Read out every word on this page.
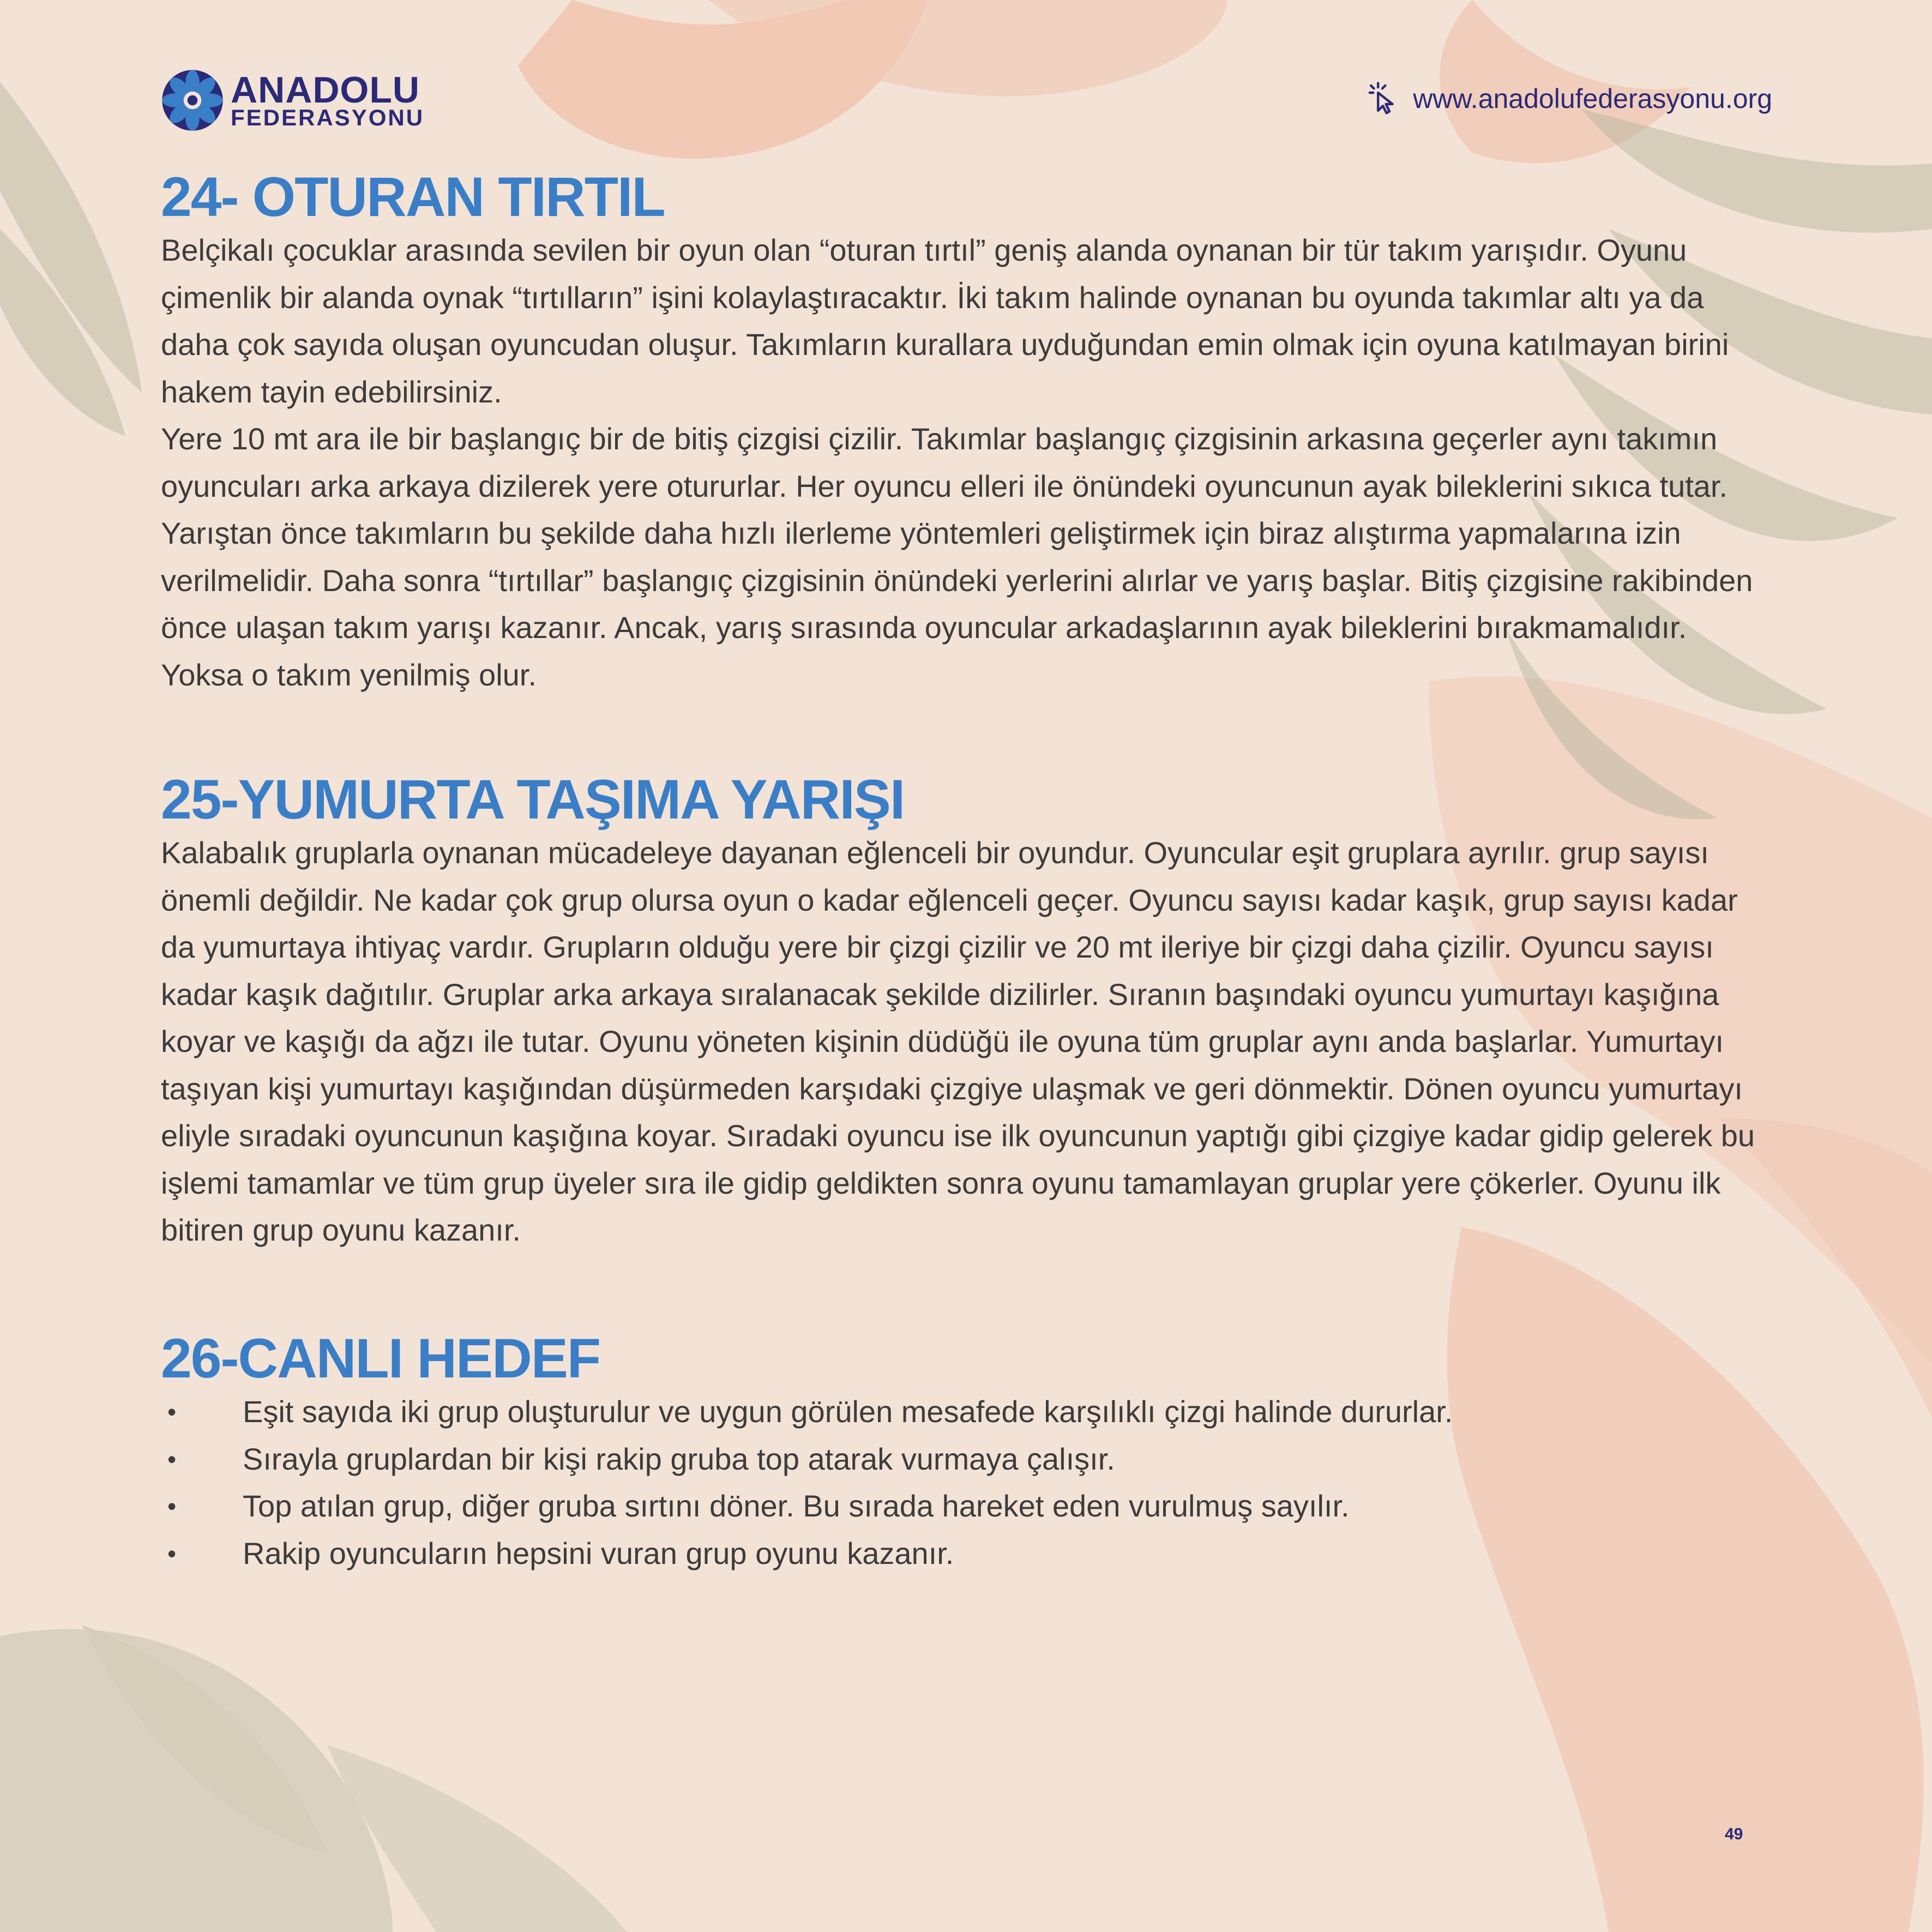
ANADOLU
FEDERASYONU
www.anadolufederasyonu.org
24- OTURAN TIRTIL

Belçikalı çocuklar arasında sevilen bir oyun olan “oturan tırtıl” geniş alanda oynanan bir tür takım yarışıdır. Oyunu çimenlik bir alanda oynak “tırtılların” işini kolaylaştıracaktır. İki takım halinde oynanan bu oyunda takımlar altı ya da daha çok sayıda oluşan oyuncudan oluşur. Takımların kurallara uyduğundan emin olmak için oyuna katılmayan birini hakem tayin edebilirsiniz.

Yere 10 mt ara ile bir başlangıç bir de bitiş çizgisi çizilir. Takımlar başlangıç çizgisinin arkasına geçerler aynı takımın oyuncuları arka arkaya dizilerek yere otururlar. Her oyuncu elleri ile önündeki oyuncunun ayak bileklerini sıkıca tutar. Yarıştan önce takımların bu şekilde daha hızlı ilerleme yöntemleri geliştirmek için biraz alıştırma yapmalarına izin verilmelidir. Daha sonra “tırtıllar” başlangıç çizgisinin önündeki yerlerini alırlar ve yarış başlar. Bitiş çizgisine rakibinden önce ulaşan takım yarışı kazanır. Ancak, yarış sırasında oyuncular arkadaşlarının ayak bileklerini bırakmamalıdır. Yoksa o takım yenilmiş olur.

25-YUMURTA TAŞIMA YARIŞI

Kalabalık gruplarla oynanan mücadeleye dayanan eğlenceli bir oyundur. Oyuncular eşit gruplara ayrılır. grup sayısı önemli değildir. Ne kadar çok grup olursa oyun o kadar eğlenceli geçer. Oyuncu sayısı kadar kaşık, grup sayısı kadar da yumurtaya ihtiyaç vardır. Grupların olduğu yere bir çizgi çizilir ve 20 mt ileriye bir çizgi daha çizilir. Oyuncu sayısı kadar kaşık dağıtılır. Gruplar arka arkaya sıralanacak şekilde dizilirler. Sıranın başındaki oyuncu yumurtayı kaşığına koyar ve kaşığı da ağzı ile tutar. Oyunu yöneten kişinin düdüğü ile oyuna tüm gruplar aynı anda başlarlar. Yumurtayı taşıyan kişi yumurtayı kaşığından düşürmeden karşıdaki çizgiye ulaşmak ve geri dönmektir. Dönen oyuncu yumurtayı eliyle sıradaki oyuncunun kaşığına koyar. Sıradaki oyuncu ise ilk oyuncunun yaptığı gibi çizgiye kadar gidip gelerek bu işlemi tamamlar ve tüm grup üyeler sıra ile gidip geldikten sonra oyunu tamamlayan gruplar yere çökerler. Oyunu ilk bitiren grup oyunu kazanır.

26-CANLI HEDEF
• Eşit sayıda iki grup oluşturulur ve uygun görülen mesafede karşılıklı çizgi halinde dururlar.
• Sırayla gruplardan bir kişi rakip gruba top atarak vurmaya çalışır.
• Top atılan grup, diğer gruba sırtını döner. Bu sırada hareket eden vurulmuş sayılır.
• Rakip oyuncuların hepsini vuran grup oyunu kazanır.
49
